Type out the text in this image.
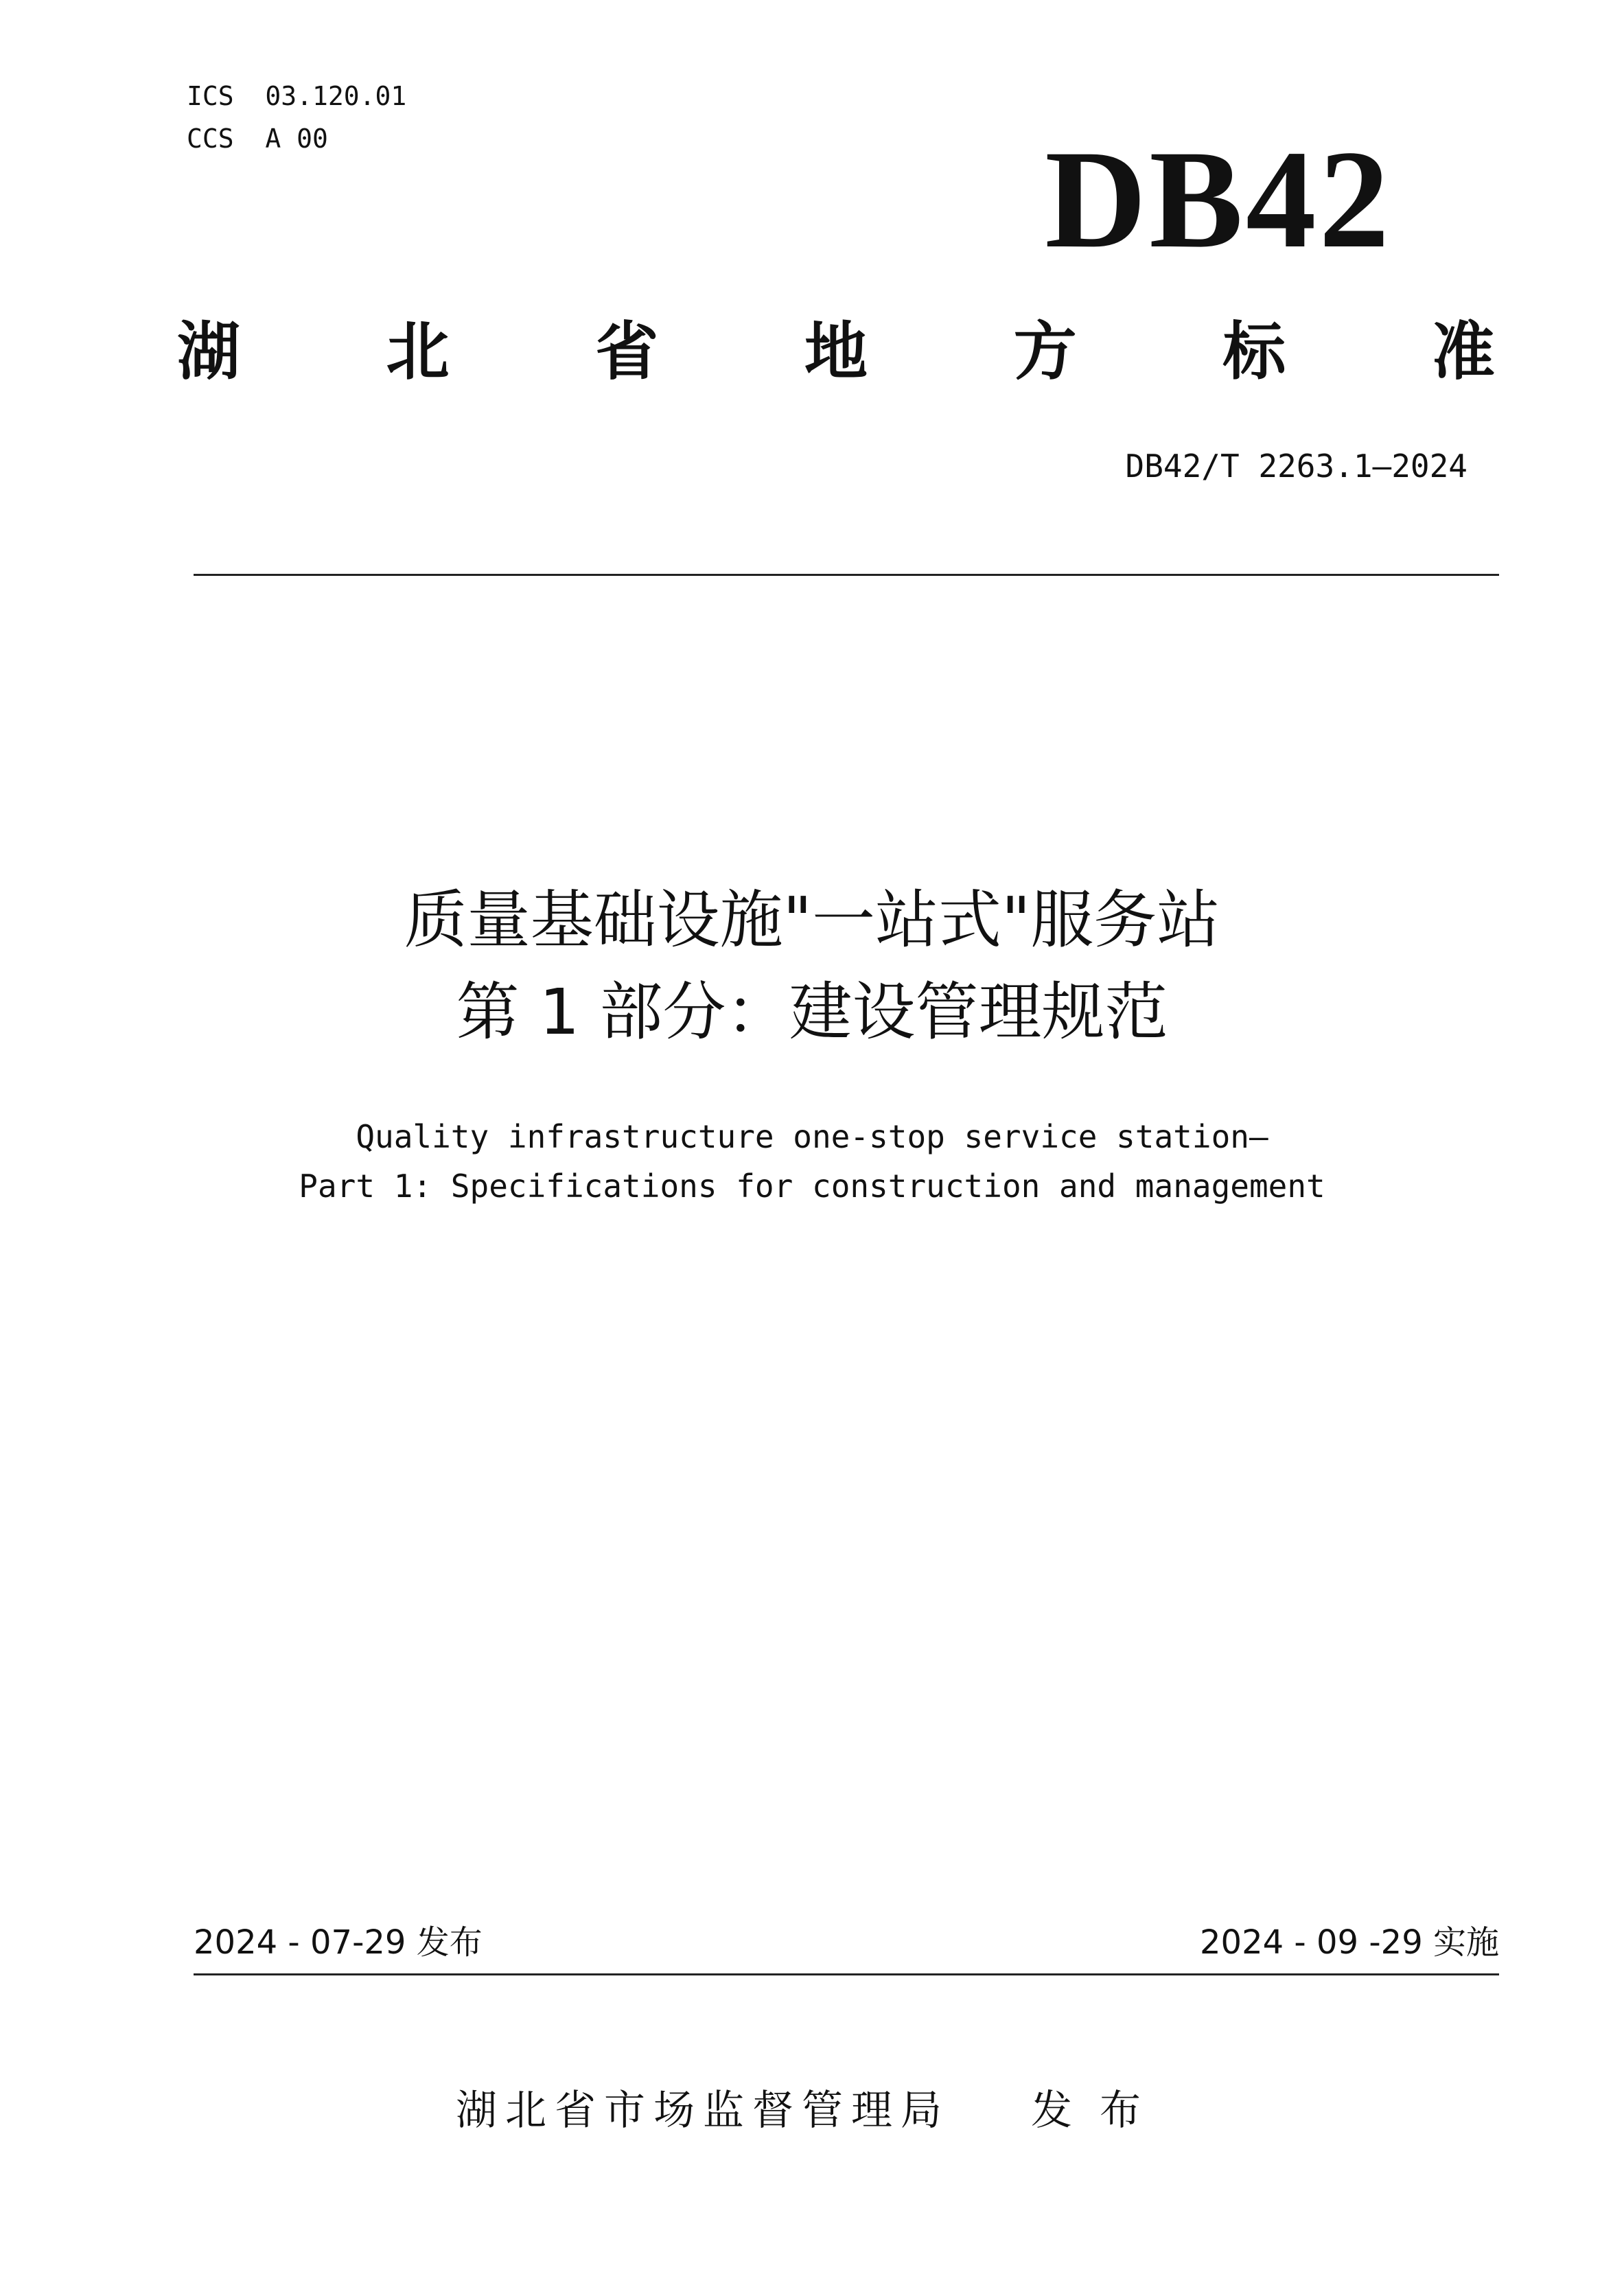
ICS  03.120.01
CCS  A 00	DB42
湖 北 省 地 方 标 准
DB42/T 2263.1—2024
质量基础设施"一站式"服务站
第 1 部分：建设管理规范
Quality infrastructure one-stop service station—
Part 1: Specifications for construction and management
2024 - 07-29 发布	2024 - 09 -29 实施
湖北省市场监督管理局 发布
